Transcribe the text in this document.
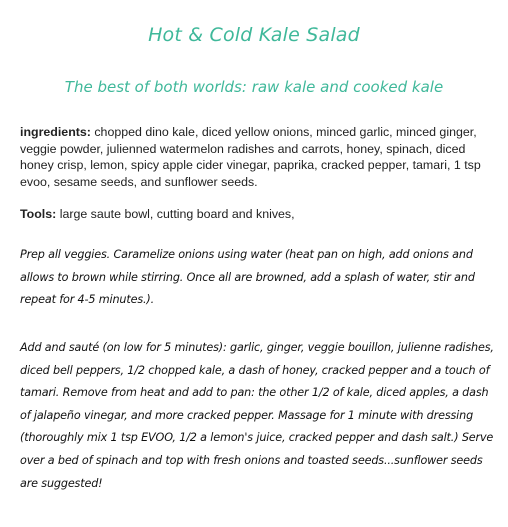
Hot & Cold Kale Salad
The best of both worlds: raw kale and cooked kale
ingredients: chopped dino kale, diced yellow onions, minced garlic, minced ginger, veggie powder, julienned watermelon radishes and carrots, honey, spinach, diced honey crisp, lemon, spicy apple cider vinegar, paprika, cracked pepper, tamari, 1 tsp evoo, sesame seeds, and sunflower seeds.
Tools: large saute bowl, cutting board and knives,
Prep all veggies. Caramelize onions using water (heat pan on high, add onions and allows to brown while stirring. Once all are browned, add a splash of water, stir and repeat for 4-5 minutes.).
Add and sauté (on low for 5 minutes): garlic, ginger, veggie bouillon, julienne radishes, diced bell peppers, 1/2 chopped kale, a dash of honey, cracked pepper and a touch of tamari. Remove from heat and add to pan: the other 1/2 of kale, diced apples, a dash of jalapeño vinegar, and more cracked pepper. Massage for 1 minute with dressing (thoroughly mix 1 tsp EVOO, 1/2 a lemon's juice, cracked pepper and dash salt.) Serve over a bed of spinach and top with fresh onions and toasted seeds...sunflower seeds are suggested!
